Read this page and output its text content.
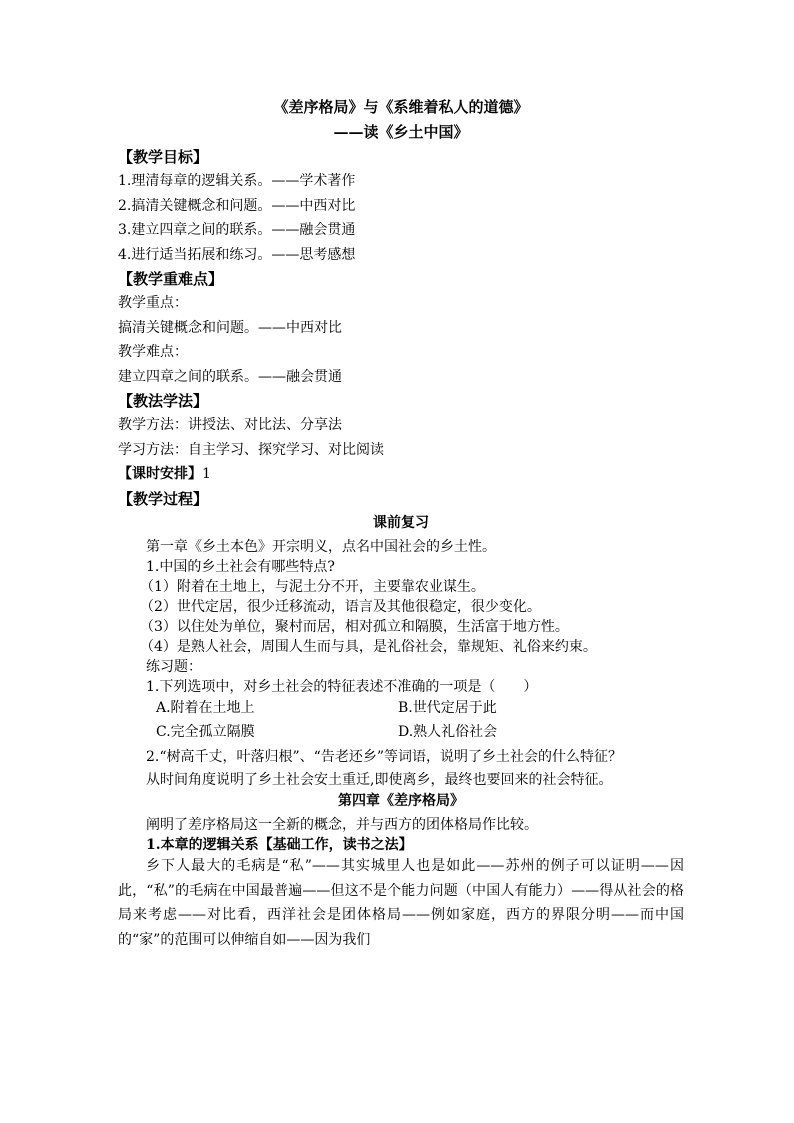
《差序格局》与《系维着私人的道德》
——读《乡土中国》
【教学目标】
1.理清每章的逻辑关系。——学术著作
2.搞清关键概念和问题。——中西对比
3.建立四章之间的联系。——融会贯通
4.进行适当拓展和练习。——思考感想
【教学重难点】
教学重点：
搞清关键概念和问题。——中西对比
教学难点：
建立四章之间的联系。——融会贯通
【教法学法】
教学方法：讲授法、对比法、分享法
学习方法：自主学习、探究学习、对比阅读
【课时安排】1
【教学过程】
课前复习
第一章《乡土本色》开宗明义，点名中国社会的乡土性。
1.中国的乡土社会有哪些特点?
（1）附着在土地上，与泥土分不开，主要靠农业谋生。
（2）世代定居，很少迁移流动，语言及其他很稳定，很少变化。
（3）以住处为单位，聚村而居，相对孤立和隔膜，生活富于地方性。
（4）是熟人社会，周围人生而与具，是礼俗社会，靠规矩、礼俗来约束。
练习题：
1.下列选项中，对乡土社会的特征表述不准确的一项是（　　）
A.附着在土地上	B.世代定居于此
C.完全孤立隔膜	D.熟人礼俗社会
2.“树高千丈，叶落归根”、“告老还乡”等词语，说明了乡土社会的什么特征？
从时间角度说明了乡土社会安土重迁,即使离乡，最终也要回来的社会特征。
第四章《差序格局》
阐明了差序格局这一全新的概念，并与西方的团体格局作比较。
1.本章的逻辑关系【基础工作，读书之法】
乡下人最大的毛病是“私”——其实城里人也是如此——苏州的例子可以证明——因此，“私”的毛病在中国最普遍——但这不是个能力问题（中国人有能力）——得从社会的格局来考虑——对比看，西洋社会是团体格局——例如家庭，西方的界限分明——而中国的“家”的范围可以伸缩自如——因为我们
